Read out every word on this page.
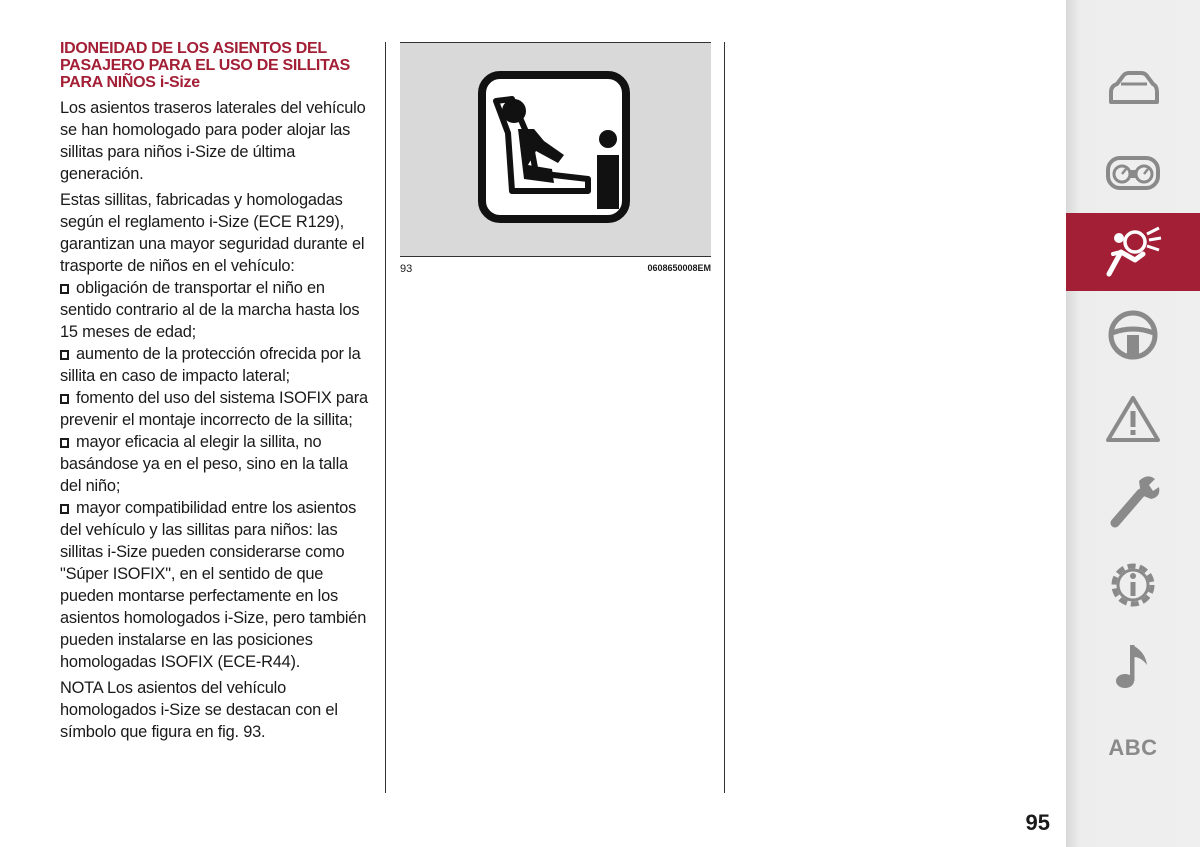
IDONEIDAD DE LOS ASIENTOS DEL
PASAJERO PARA EL USO DE SILLITAS
PARA NIÑOS i-Size

Los asientos traseros laterales del vehículo se han homologado para poder alojar las sillitas para niños i-Size de última generación.

Estas sillitas, fabricadas y homologadas según el reglamento i-Size (ECE R129), garantizan una mayor seguridad durante el trasporte de niños en el vehículo:

obligación de transportar el niño en sentido contrario al de la marcha hasta los 15 meses de edad;

aumento de la protección ofrecida por la sillita en caso de impacto lateral;

fomento del uso del sistema ISOFIX para prevenir el montaje incorrecto de la sillita;

mayor eficacia al elegir la sillita, no basándose ya en el peso, sino en la talla del niño;

mayor compatibilidad entre los asientos del vehículo y las sillitas para niños: las sillitas i-Size pueden considerarse como "Súper ISOFIX", en el sentido de que pueden montarse perfectamente en los asientos homologados i-Size, pero también pueden instalarse en las posiciones homologadas ISOFIX (ECE-R44).

NOTA Los asientos del vehículo homologados i-Size se destacan con el símbolo que figura en fig. 93.

93	0608650008EM
ABC
95
